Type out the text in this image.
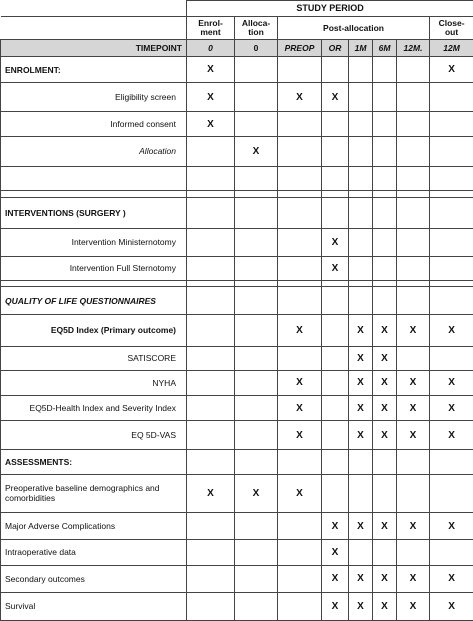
	STUDY PERIOD							
	Enrol-
ment	Alloca-
tion	Post-allocation					Close-
out
TIMEPOINT	0	0	PREOP	OR	1M	6M	12M.	12M
ENROLMENT:	X							X
Eligibility screen	X		X	X				
Informed consent	X							
Allocation		X						

INTERVENTIONS (SURGERY )								
Intervention Ministernotomy				X				
Intervention Full Sternotomy				X				

QUALITY OF LIFE QUESTIONNAIRES								
EQ5D Index (Primary outcome)			X		X	X	X	X
SATISCORE					X	X		
NYHA			X		X	X	X	X
EQ5D-Health Index and Severity Index			X		X	X	X	X
EQ 5D-VAS			X		X	X	X	X
ASSESSMENTS:								
Preoperative baseline demographics and comorbidities	X	X	X					
Major Adverse Complications				X	X	X	X	X
Intraoperative data				X				
Secondary outcomes				X	X	X	X	X
Survival				X	X	X	X	X
